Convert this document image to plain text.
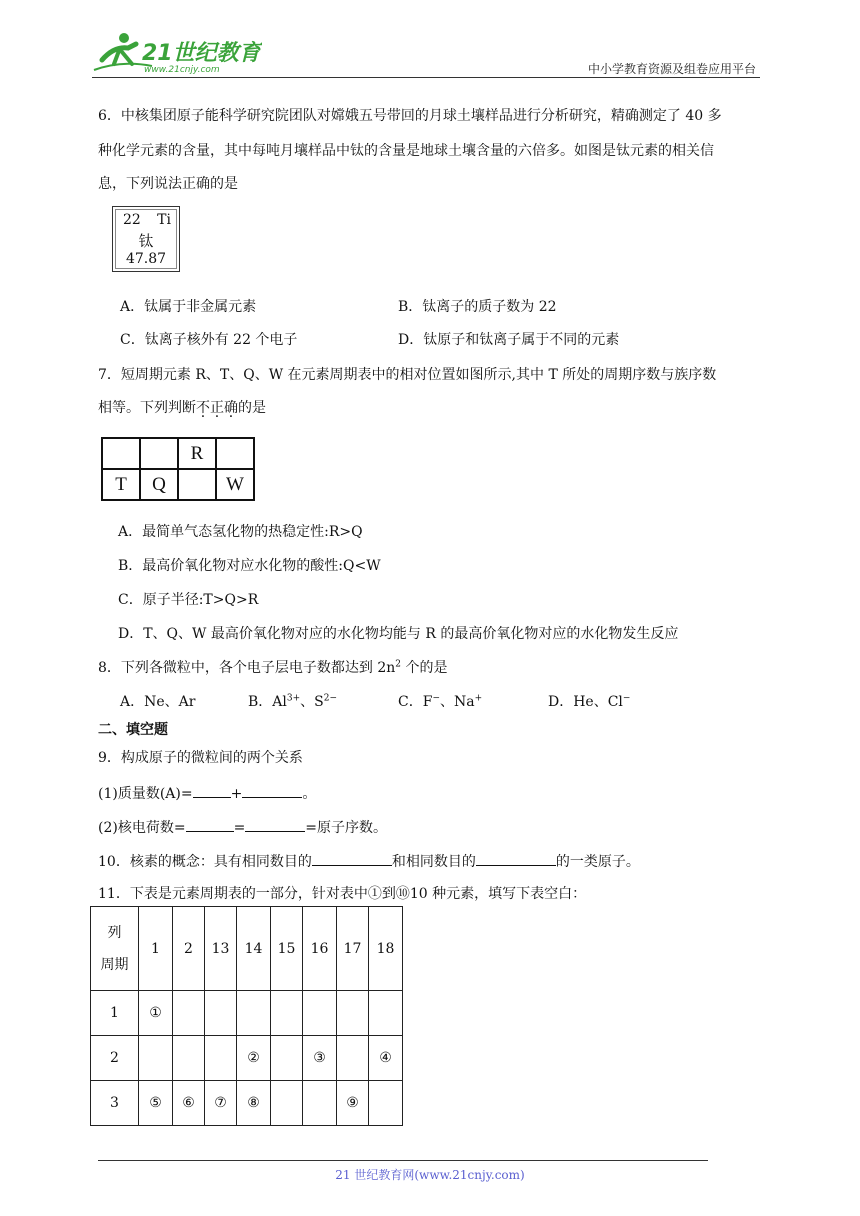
21世纪教育
www.21cnjy.com	中小学教育资源及组卷应用平台
6．中核集团原子能科学研究院团队对嫦娥五号带回的月球土壤样品进行分析研究，精确测定了 40 多
种化学元素的含量，其中每吨月壤样品中钛的含量是地球土壤含量的六倍多。如图是钛元素的相关信
息，下列说法正确的是
22 Ti
钛
47.87
A．钛属于非金属元素	B．钛离子的质子数为 22
C．钛离子核外有 22 个电子	D．钛原子和钛离子属于不同的元素
7．短周期元素 R、T、Q、W 在元素周期表中的相对位置如图所示,其中 T 所处的周期序数与族序数
相等。下列判断不正确的是
		R	
T	Q		W
A．最简单气态氢化物的热稳定性:R>Q
B．最高价氧化物对应水化物的酸性:Q<W
C．原子半径:T>Q>R
D．T、Q、W 最高价氧化物对应的水化物均能与 R 的最高价氧化物对应的水化物发生反应
8．下列各微粒中，各个电子层电子数都达到 $2n^2$ 个的是
A．Ne、Ar	B．$Al^{3+}$、$S^{2-}$	C．F−、Na+	D．He、Cl−
二、填空题
9．构成原子的微粒间的两个关系
(1)质量数(A)=	+	。
(2)核电荷数=	=	=原子序数。
10．核素的概念：具有相同数目的	和相同数目的	的一类原子。
11．下表是元素周期表的一部分，针对表中①到⑩10 种元素，填写下表空白：
列
周期	1	2	13	14	15	16	17	18
1	①							
2				②		③		④
3	⑤	⑥	⑦	⑧			⑨	
21 世纪教育网(www.21cnjy.com)
